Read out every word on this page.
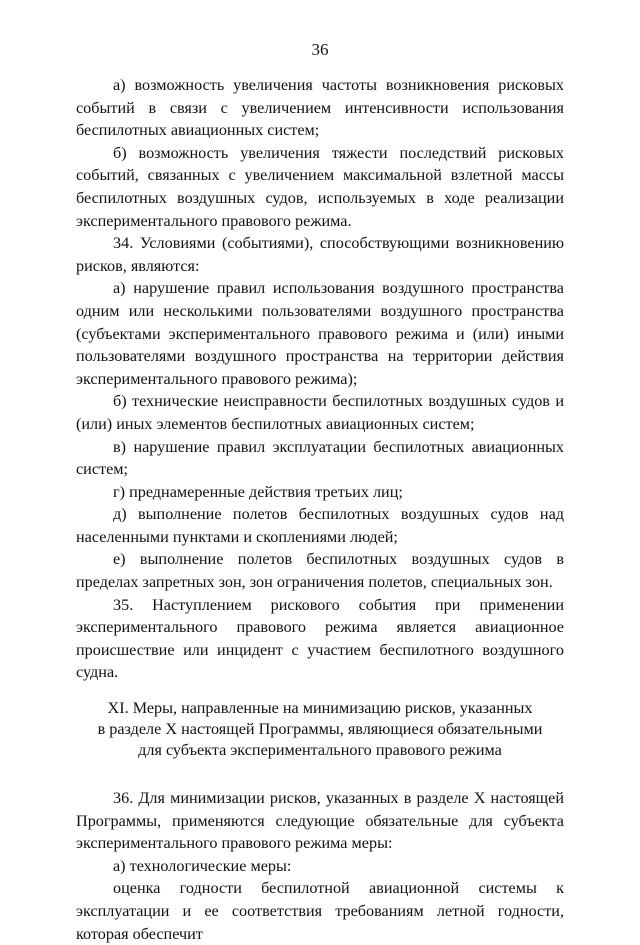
36

а) возможность увеличения частоты возникновения рисковых событий в связи с увеличением интенсивности использования беспилотных авиационных систем;

б) возможность увеличения тяжести последствий рисковых событий, связанных с увеличением максимальной взлетной массы беспилотных воздушных судов, используемых в ходе реализации экспериментального правового режима.

34. Условиями (событиями), способствующими возникновению рисков, являются:

а) нарушение правил использования воздушного пространства одним или несколькими пользователями воздушного пространства (субъектами экспериментального правового режима и (или) иными пользователями воздушного пространства на территории действия экспериментального правового режима);

б) технические неисправности беспилотных воздушных судов и (или) иных элементов беспилотных авиационных систем;

в) нарушение правил эксплуатации беспилотных авиационных систем;

г) преднамеренные действия третьих лиц;

д) выполнение полетов беспилотных воздушных судов над населенными пунктами и скоплениями людей;

е) выполнение полетов беспилотных воздушных судов в пределах запретных зон, зон ограничения полетов, специальных зон.

35. Наступлением рискового события при применении экспериментального правового режима является авиационное происшествие или инцидент с участием беспилотного воздушного судна.

XI. Меры, направленные на минимизацию рисков, указанных
в разделе X настоящей Программы, являющиеся обязательными
для субъекта экспериментального правового режима

36. Для минимизации рисков, указанных в разделе X настоящей Программы, применяются следующие обязательные для субъекта экспериментального правового режима меры:

а) технологические меры:

оценка годности беспилотной авиационной системы к эксплуатации и ее соответствия требованиям летной годности, которая обеспечит
